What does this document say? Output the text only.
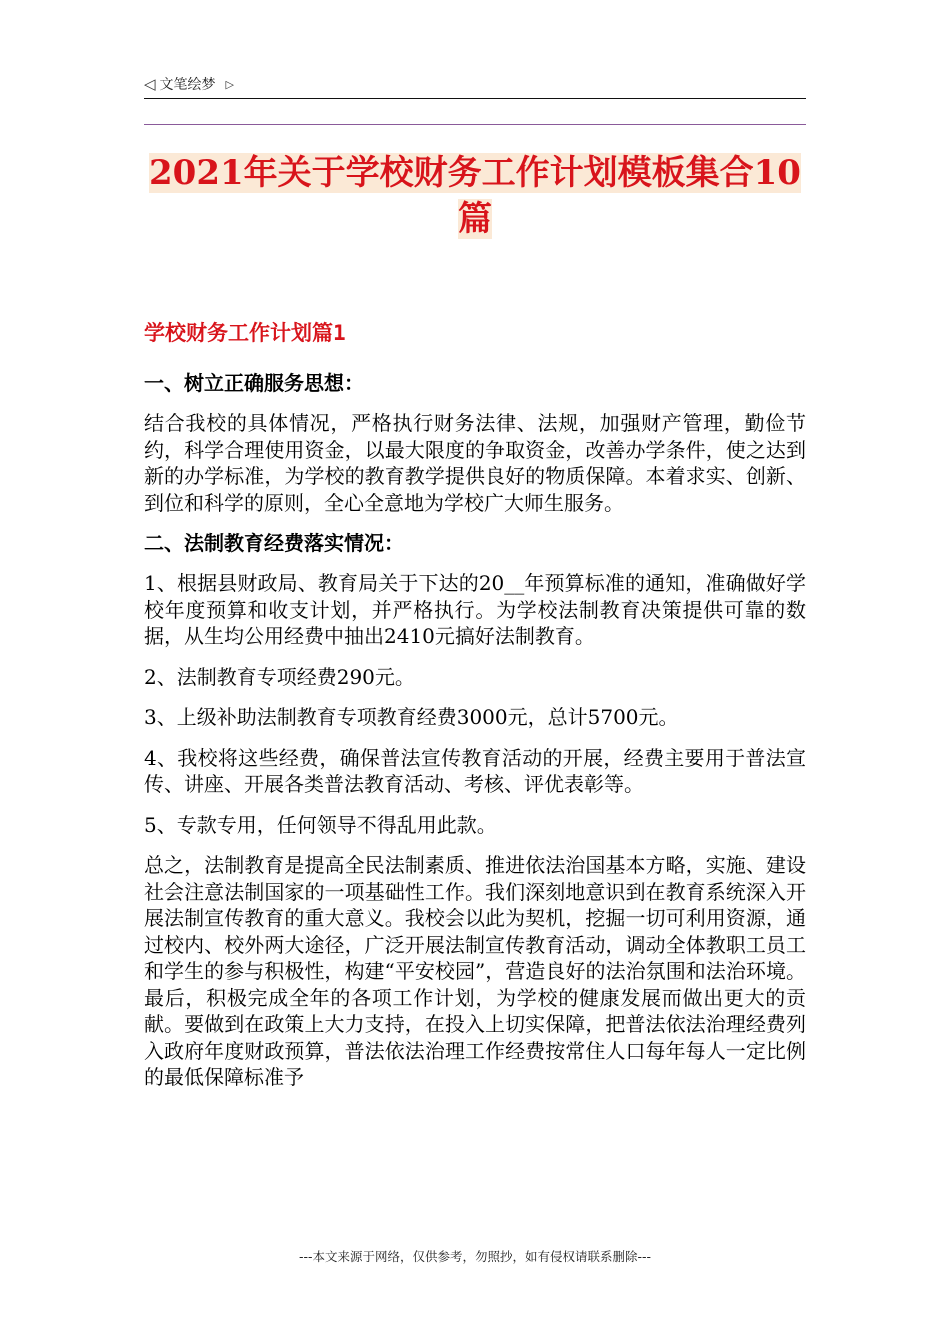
◁ 文笔绘梦 ▷
2021年关于学校财务工作计划模板集合10
篇

学校财务工作计划篇1

一、树立正确服务思想：

结合我校的具体情况，严格执行财务法律、法规，加强财产管理，勤俭节约，科学合理使用资金，以最大限度的争取资金，改善办学条件，使之达到新的办学标准，为学校的教育教学提供良好的物质保障。本着求实、创新、到位和科学的原则，全心全意地为学校广大师生服务。

二、法制教育经费落实情况：

1、根据县财政局、教育局关于下达的20__年预算标准的通知，准确做好学校年度预算和收支计划，并严格执行。为学校法制教育决策提供可靠的数据，从生均公用经费中抽出2410元搞好法制教育。

2、法制教育专项经费290元。

3、上级补助法制教育专项教育经费3000元，总计5700元。

4、我校将这些经费，确保普法宣传教育活动的开展，经费主要用于普法宣传、讲座、开展各类普法教育活动、考核、评优表彰等。

5、专款专用，任何领导不得乱用此款。

总之，法制教育是提高全民法制素质、推进依法治国基本方略，实施、建设社会注意法制国家的一项基础性工作。我们深刻地意识到在教育系统深入开展法制宣传教育的重大意义。我校会以此为契机，挖掘一切可利用资源，通过校内、校外两大途径，广泛开展法制宣传教育活动，调动全体教职工员工和学生的参与积极性，构建“平安校园”，营造良好的法治氛围和法治环境。最后，积极完成全年的各项工作计划，为学校的健康发展而做出更大的贡献。要做到在政策上大力支持，在投入上切实保障，把普法依法治理经费列入政府年度财政预算，普法依法治理工作经费按常住人口每年每人一定比例的最低保障标准予

---本文来源于网络，仅供参考，勿照抄，如有侵权请联系删除---
